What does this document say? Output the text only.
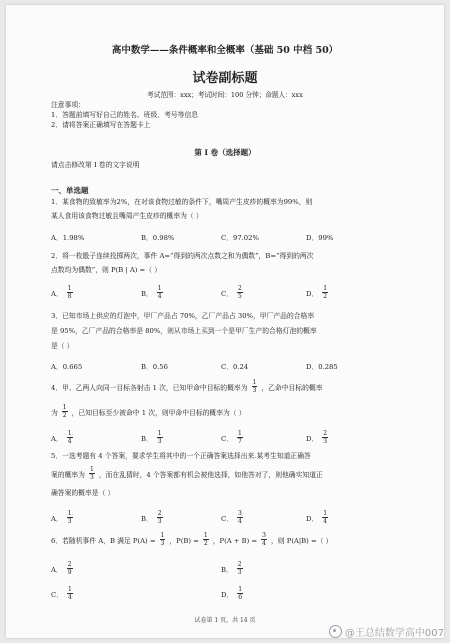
高中数学——条件概率和全概率（基础 50 中档 50）
试卷副标题
考试范围：xxx；考试时间：100 分钟；命题人：xxx
注意事项：
1．答题前填写好自己的姓名、班级、考号等信息
2．请将答案正确填写在答题卡上
第 I 卷（选择题）
请点击修改第 I 卷的文字说明
一、单选题
1．某食物的致敏率为2%，在对该食物过敏的条件下，嘴周产生皮疹的概率为99%，则
某人食用该食物过敏且嘴周产生皮疹的概率为（ ）
A．1.98%	B．0.98%	C．97.02%	D．99%
2．将一枚骰子连续投掷两次，事件 A=“得到的两次点数之和为偶数”，B=“得到的两次
点数均为偶数”，则 P(B | A) =（ ）
A． $\frac{1}{8}$	B． $\frac{1}{4}$	C． $\frac{2}{5}$	D． $\frac{1}{2}$
3．已知市场上供应的灯泡中，甲厂产品占 70%，乙厂产品占 30%，甲厂产品的合格率
是 95%，乙厂产品的合格率是 80%，则从市场上买到一个是甲厂生产的合格灯泡的概率
是（ ）
A．0.665	B．0.56	C．0.24	D．0.285
4．甲、乙两人向同一目标各射击 1 次，已知甲命中目标的概率为 $\frac{1}{3}$ ，乙命中目标的概率
为 $\frac{1}{2}$ ，已知目标至少被命中 1 次，则甲命中目标的概率为（ ）
A． $\frac{1}{4}$	B． $\frac{1}{3}$	C． $\frac{1}{7}$	D． $\frac{2}{3}$
5．一选考题有 4 个答案，要求学生将其中的一个正确答案选择出来.某考生知道正确答
案的概率为 $\frac{1}{3}$ ，而在乱猜时，4 个答案都有机会被他选择，如他答对了，则他确实知道正
确答案的概率是（ ）
A． $\frac{1}{3}$	B． $\frac{2}{3}$	C． $\frac{3}{4}$	D． $\frac{1}{4}$
6．若随机事件 A，B 满足 $P(A) = \frac{1}{3}$ ，$P(B) = \frac{1}{2}$ ，$P(A + B) = \frac{3}{4}$ ，则 P(A|B) =（ ）
A． $\frac{2}{9}$	B． $\frac{2}{3}$
C． $\frac{1}{4}$	D． $\frac{1}{6}$
试卷第 1 页，共 14 页
@王总结数学高中007
